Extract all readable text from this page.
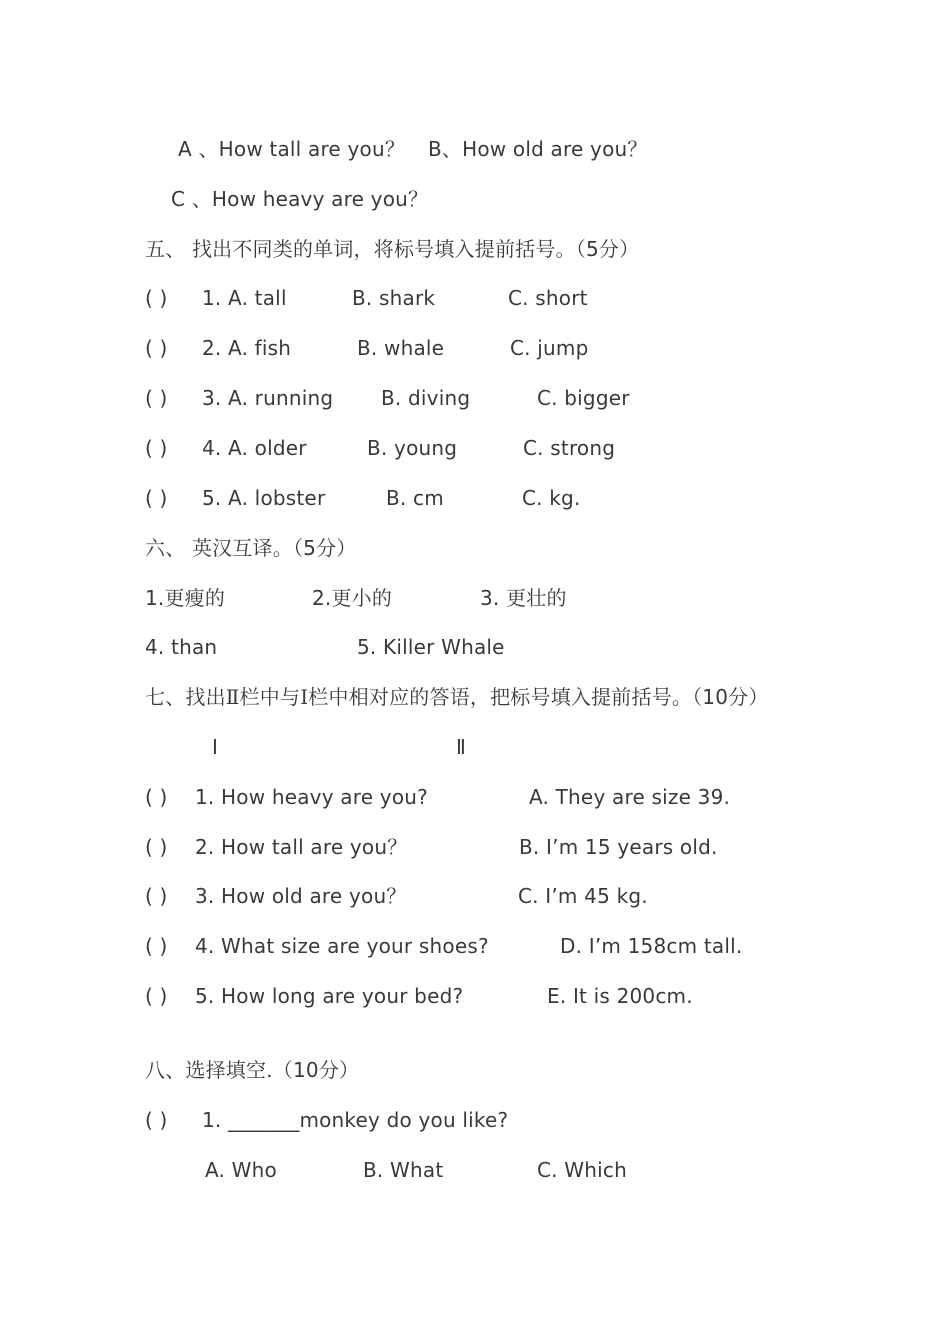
A 、How tall are you？ B、How old are you？
C 、How heavy are you？
五、 找出不同类的单词，将标号填入提前括号。（5分）
( ) 1. A. tall	B. shark	C. short
( ) 2. A. fish	B. whale	C. jump
( ) 3. A. running B. diving	C. bigger
( ) 4. A. older	B. young	C. strong
( ) 5. A. lobster	B. cm	C. kg.
六、 英汉互译。（5分）
1.更瘦的	2.更小的	3. 更壮的
4. than	5. Killer Whale
七、找出Ⅱ栏中与Ⅰ栏中相对应的答语，把标号填入提前括号。（10分）
Ⅰ	Ⅱ
( ) 1. How heavy are you?	A. They are size 39.
( ) 2. How tall are you？	B. I’m 15 years old.
( ) 3. How old are you？	C. I’m 45 kg.
( ) 4. What size are your shoes?	D. I’m 158cm tall.
( ) 5. How long are your bed?	E. It is 200cm.
八、选择填空.（10分）
( ) 1. _______monkey do you like?
A. Who	B. What	C. Which
